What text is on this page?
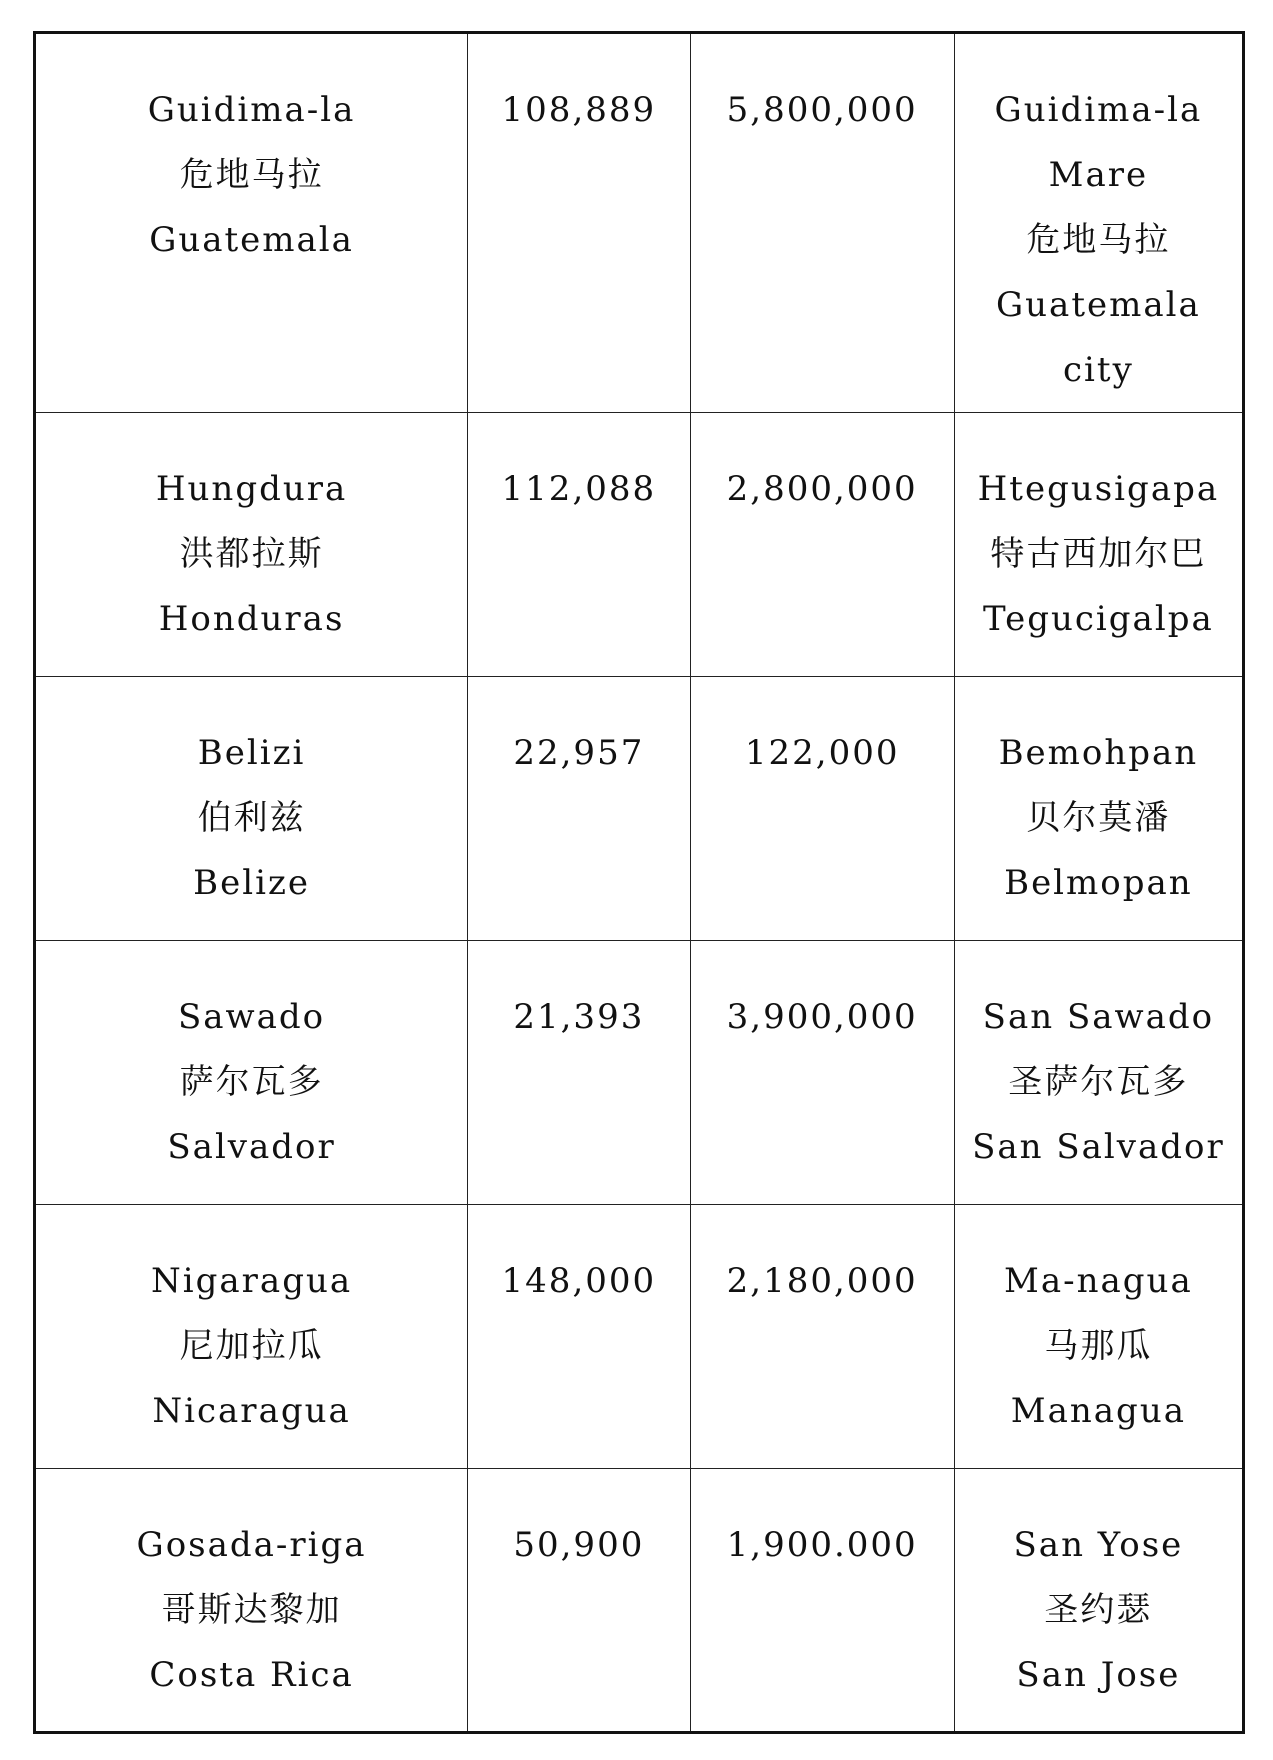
Guidima-la
危地马拉
Guatemala	108,889	5,800,000	Guidima-la
Mare
危地马拉
Guatemala
city

Hungdura
洪都拉斯
Honduras	112,088	2,800,000	Htegusigapa
特古西加尔巴
Tegucigalpa

Belizi
伯利兹
Belize	22,957	122,000	Bemohpan
贝尔莫潘
Belmopan

Sawado
萨尔瓦多
Salvador	21,393	3,900,000	San Sawado
圣萨尔瓦多
San Salvador

Nigaragua
尼加拉瓜
Nicaragua	148,000	2,180,000	Ma-nagua
马那瓜
Managua

Gosada-riga
哥斯达黎加
Costa Rica	50,900	1,900.000	San Yose
圣约瑟
San Jose
